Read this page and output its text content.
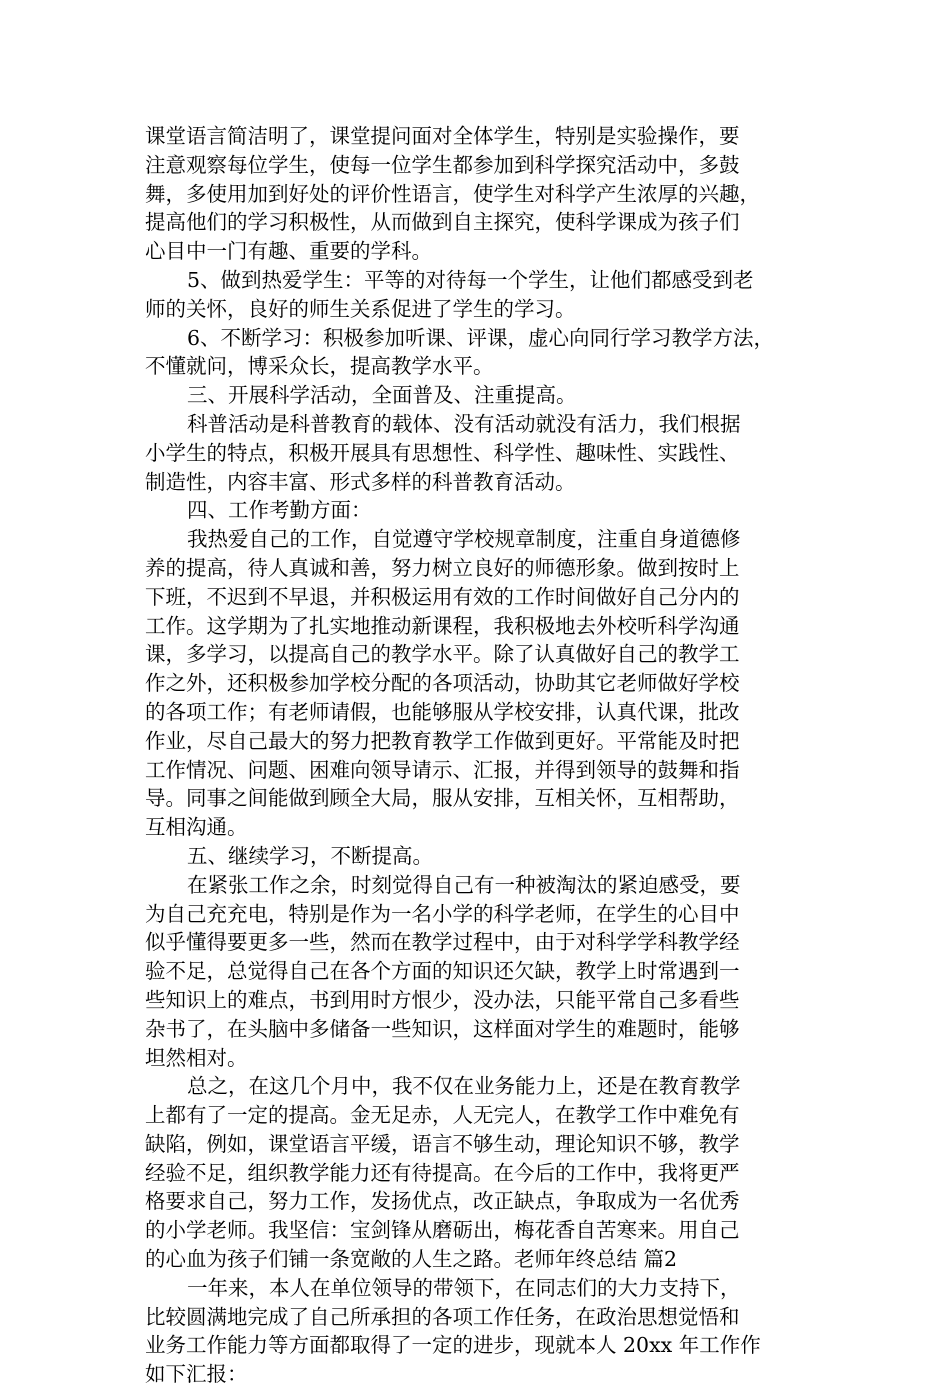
课堂语言简洁明了，课堂提问面对全体学生，特别是实验操作，要
注意观察每位学生，使每一位学生都参加到科学探究活动中，多鼓
舞，多使用加到好处的评价性语言，使学生对科学产生浓厚的兴趣，
提高他们的学习积极性，从而做到自主探究，使科学课成为孩子们
心目中一门有趣、重要的学科。
5、做到热爱学生：平等的对待每一个学生，让他们都感受到老
师的关怀，良好的师生关系促进了学生的学习。
6、不断学习：积极参加听课、评课，虚心向同行学习教学方法，
不懂就问，博采众长，提高教学水平。
三、开展科学活动，全面普及、注重提高。
科普活动是科普教育的载体、没有活动就没有活力，我们根据
小学生的特点，积极开展具有思想性、科学性、趣味性、实践性、
制造性，内容丰富、形式多样的科普教育活动。
四、工作考勤方面：
我热爱自己的工作，自觉遵守学校规章制度，注重自身道德修
养的提高，待人真诚和善，努力树立良好的师德形象。做到按时上
下班，不迟到不早退，并积极运用有效的工作时间做好自己分内的
工作。这学期为了扎实地推动新课程，我积极地去外校听科学沟通
课，多学习，以提高自己的教学水平。除了认真做好自己的教学工
作之外，还积极参加学校分配的各项活动，协助其它老师做好学校
的各项工作；有老师请假，也能够服从学校安排，认真代课，批改
作业，尽自己最大的努力把教育教学工作做到更好。平常能及时把
工作情况、问题、困难向领导请示、汇报，并得到领导的鼓舞和指
导。同事之间能做到顾全大局，服从安排，互相关怀，互相帮助，
互相沟通。
五、继续学习，不断提高。
在紧张工作之余，时刻觉得自己有一种被淘汰的紧迫感受，要
为自己充充电，特别是作为一名小学的科学老师，在学生的心目中
似乎懂得要更多一些，然而在教学过程中，由于对科学学科教学经
验不足，总觉得自己在各个方面的知识还欠缺，教学上时常遇到一
些知识上的难点，书到用时方恨少，没办法，只能平常自己多看些
杂书了，在头脑中多储备一些知识，这样面对学生的难题时，能够
坦然相对。
总之，在这几个月中，我不仅在业务能力上，还是在教育教学
上都有了一定的提高。金无足赤，人无完人，在教学工作中难免有
缺陷，例如，课堂语言平缓，语言不够生动，理论知识不够，教学
经验不足，组织教学能力还有待提高。在今后的工作中，我将更严
格要求自己，努力工作，发扬优点，改正缺点，争取成为一名优秀
的小学老师。我坚信：宝剑锋从磨砺出，梅花香自苦寒来。用自己
的心血为孩子们铺一条宽敞的人生之路。老师年终总结 篇2
一年来，本人在单位领导的带领下，在同志们的大力支持下，
比较圆满地完成了自己所承担的各项工作任务，在政治思想觉悟和
业务工作能力等方面都取得了一定的进步，现就本人 20xx 年工作作
如下汇报：
